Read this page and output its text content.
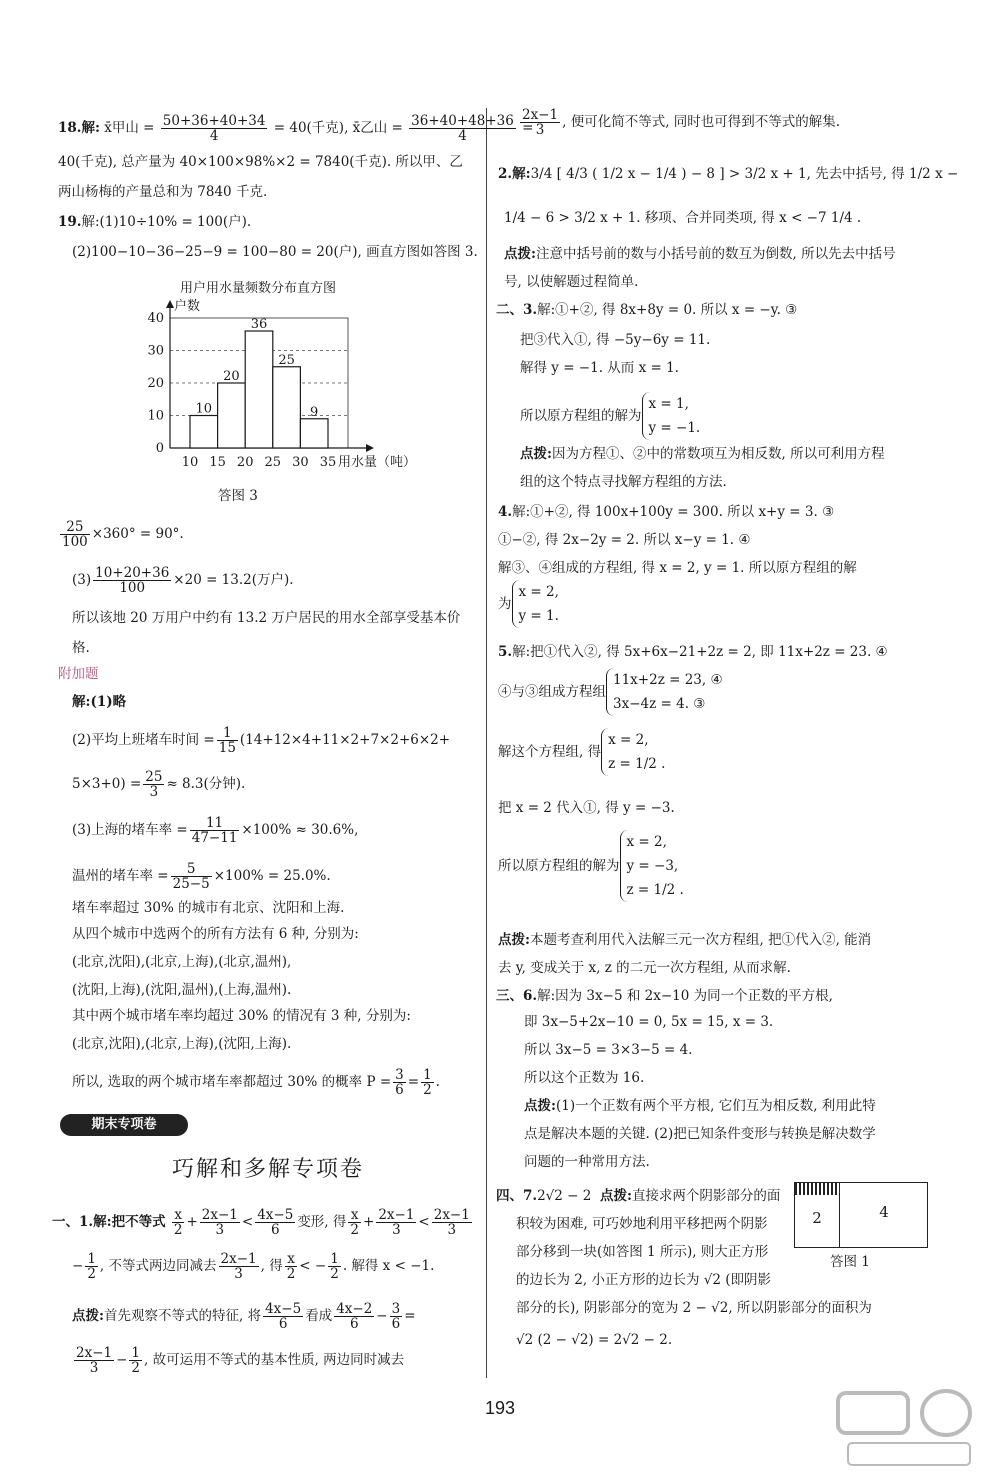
18.解: x̄甲山 = $\frac{50+36+40+34}{4} = 40$(千克), x̄乙山 = $\frac{36+40+48+36}{4}$ =
40(千克), 总产量为 40×100×98%×2 = 7840(千克). 所以甲、乙
两山杨梅的产量总和为 7840 千克.
19.解:(1)10÷10% = 100(户).
(2)100−10−36−25−9 = 100−80 = 20(户), 画直方图如答图 3.
用户用水量频数分布直方图
户数
0
10
20
30
40
10
20
36
25
9
10 15 20 25 30 35 用水量（吨）
答图 3
$\frac{25}{100} \times 360^\circ = 90^\circ$.
$(3) \frac{10+20+36}{100} \times 20 = 13.2$(万户).
所以该地 20 万用户中约有 13.2 万户居民的用水全部享受基本价
格.
附加题
解:(1)略
(2)平均上班堵车时间 = $\frac{1}{15} (14+12\times 4+11\times 2+7\times 2+6\times 2+$
$5\times 3+0) = \frac{25}{3} \approx 8.3$(分钟).
(3)上海的堵车率 = $\frac{11}{47-11} \times 100\% \approx 30.6\%$,
温州的堵车率 = $\frac{5}{25-5} \times 100\% = 25.0\%$.
堵车率超过 30% 的城市有北京、沈阳和上海.
从四个城市中选两个的所有方法有 6 种, 分别为:
(北京,沈阳),(北京,上海),(北京,温州),
(沈阳,上海),(沈阳,温州),(上海,温州).
其中两个城市堵车率均超过 30% 的情况有 3 种, 分别为:
(北京,沈阳),(北京,上海),(沈阳,上海).
所以, 选取的两个城市堵车率都超过 30% 的概率 $P = \frac{3}{6} = \frac{1}{2}$ .
期末专项卷
巧解和多解专项卷
一、1.解:把不等式 $\frac{x}{2} + \frac{2x-1}{3} < \frac{4x-5}{6}$ 变形, 得 $\frac{x}{2} + \frac{2x-1}{3} < \frac{2x-1}{3}$
− $\frac{1}{2}$ , 不等式两边同减去 $\frac{2x-1}{3}$ , 得 $\frac{x}{2}$ < − $\frac{1}{2}$ . 解得 x < −1.
点拨:首先观察不等式的特征, 将 $\frac{4x-5}{6}$ 看成 $\frac{4x-2}{6} - \frac{3}{6}$ =
$\frac{2x-1}{3} - \frac{1}{2}$ , 故可运用不等式的基本性质, 两边同时减去
$\frac{2x-1}{3}$ , 便可化简不等式, 同时也可得到不等式的解集.
2.解:3/4 [ 4/3 ( 1/2 x − 1/4 ) − 8 ] > 3/2 x + 1, 先去中括号, 得 1/2 x −
1/4 − 6 > 3/2 x + 1. 移项、合并同类项, 得 x < −7 1/4 .
点拨:注意中括号前的数与小括号前的数互为倒数, 所以先去中括号
号, 以使解题过程简单.
二、3.解:①+②, 得 8x+8y = 0. 所以 x = −y. ③
把③代入①, 得 −5y−6y = 11.
解得 y = −1. 从而 x = 1.
所以原方程组的解为
x = 1,
y = −1.
点拨:因为方程①、②中的常数项互为相反数, 所以可利用方程
组的这个特点寻找解方程组的方法.
4.解:①+②, 得 100x+100y = 300. 所以 x+y = 3. ③
①−②, 得 2x−2y = 2. 所以 x−y = 1. ④
解③、④组成的方程组, 得 x = 2, y = 1. 所以原方程组的解
为
x = 2,
y = 1.
5.解:把①代入②, 得 5x+6x−21+2z = 2, 即 11x+2z = 23. ④
④与③组成方程组
11x+2z = 23, ④
3x−4z = 4. ③
解这个方程组, 得
x = 2,
z = 1/2 .
把 x = 2 代入①, 得 y = −3.
所以原方程组的解为
x = 2,
y = −3,
z = 1/2 .
点拨:本题考查利用代入法解三元一次方程组, 把①代入②, 能消
去 y, 变成关于 x, z 的二元一次方程组, 从而求解.
三、6.解:因为 3x−5 和 2x−10 为同一个正数的平方根,
即 3x−5+2x−10 = 0, 5x = 15, x = 3.
所以 3x−5 = 3×3−5 = 4.
所以这个正数为 16.
点拨:(1)一个正数有两个平方根, 它们互为相反数, 利用此特
点是解决本题的关键. (2)把已知条件变形与转换是解决数学
问题的一种常用方法.
四、7.2√2 − 2 点拨:直接求两个阴影部分的面
积较为困难, 可巧妙地利用平移把两个阴影
部分移到一块(如答图 1 所示), 则大正方形
的边长为 2, 小正方形的边长为 √2 (即阴影
部分的长), 阴影部分的宽为 2 − √2, 所以阴影部分的面积为
√2 (2 − √2) = 2√2 − 2.
2	4
答图 1
193
